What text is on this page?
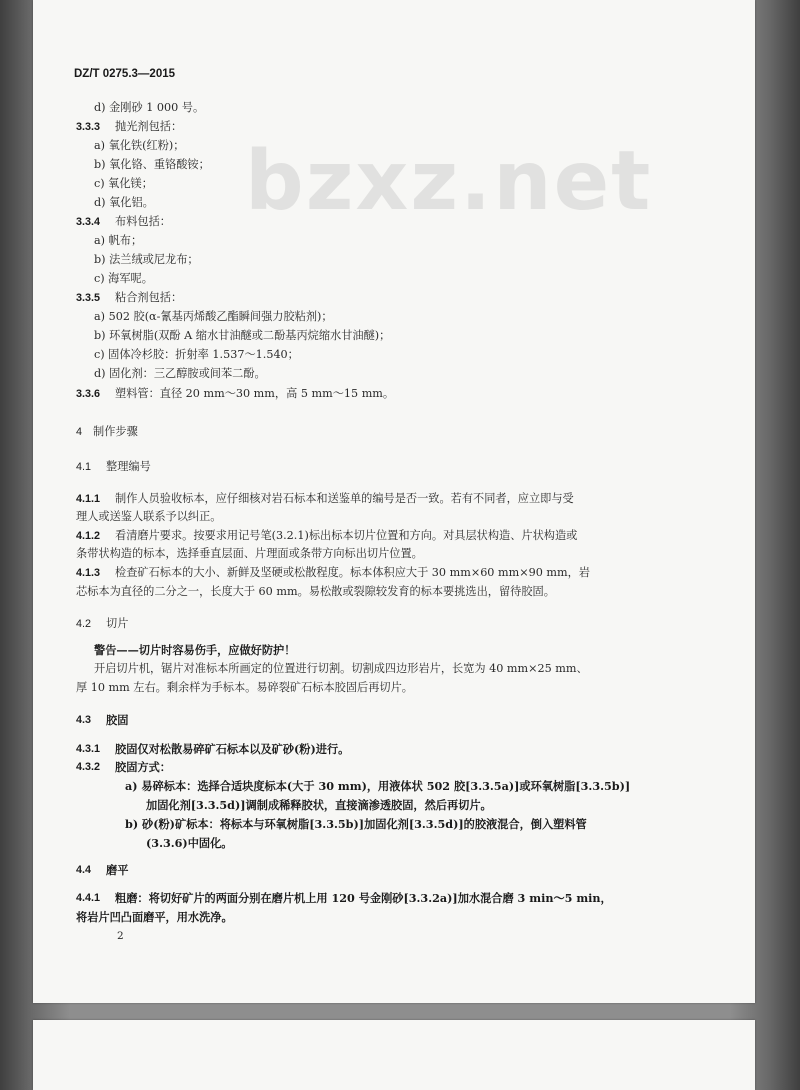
bzxz.net
DZ/T 0275.3—2015
d) 金刚砂 1 000 号。
3.3.3 抛光剂包括：
a) 氧化铁(红粉)；
b) 氧化铬、重铬酸铵；
c) 氧化镁；
d) 氧化铝。
3.3.4 布料包括：
a) 帆布；
b) 法兰绒或尼龙布；
c) 海军呢。
3.3.5 粘合剂包括：
a) 502 胶(α-氰基丙烯酸乙酯瞬间强力胶粘剂)；
b) 环氧树脂(双酚 A 缩水甘油醚或二酚基丙烷缩水甘油醚)；
c) 固体冷杉胶：折射率 1.537～1.540；
d) 固化剂：三乙醇胺或间苯二酚。
3.3.6 塑料管：直径 20 mm～30 mm，高 5 mm～15 mm。
4 制作步骤
4.1 整理编号
4.1.1 制作人员验收标本，应仔细核对岩石标本和送鉴单的编号是否一致。若有不同者，应立即与受
理人或送鉴人联系予以纠正。
4.1.2 看清磨片要求。按要求用记号笔(3.2.1)标出标本切片位置和方向。对具层状构造、片状构造或
条带状构造的标本，选择垂直层面、片理面或条带方向标出切片位置。
4.1.3 检查矿石标本的大小、新鲜及坚硬或松散程度。标本体积应大于 30 mm×60 mm×90 mm，岩
芯标本为直径的二分之一，长度大于 60 mm。易松散或裂隙较发育的标本要挑选出，留待胶固。
4.2 切片
警告——切片时容易伤手，应做好防护！
开启切片机，锯片对准标本所画定的位置进行切割。切割成四边形岩片，长宽为 40 mm×25 mm、
厚 10 mm 左右。剩余样为手标本。易碎裂矿石标本胶固后再切片。
4.3 胶固
4.3.1 胶固仅对松散易碎矿石标本以及矿砂(粉)进行。
4.3.2 胶固方式：
a) 易碎标本：选择合适块度标本(大于 30 mm)，用液体状 502 胶[3.3.5a)]或环氧树脂[3.3.5b)]
加固化剂[3.3.5d)]调制成稀释胶状，直接滴渗透胶固，然后再切片。
b) 砂(粉)矿标本：将标本与环氧树脂[3.3.5b)]加固化剂[3.3.5d)]的胶液混合，倒入塑料管
(3.3.6)中固化。
4.4 磨平
4.4.1 粗磨：将切好矿片的两面分别在磨片机上用 120 号金刚砂[3.3.2a)]加水混合磨 3 min～5 min，
将岩片凹凸面磨平，用水洗净。
2
